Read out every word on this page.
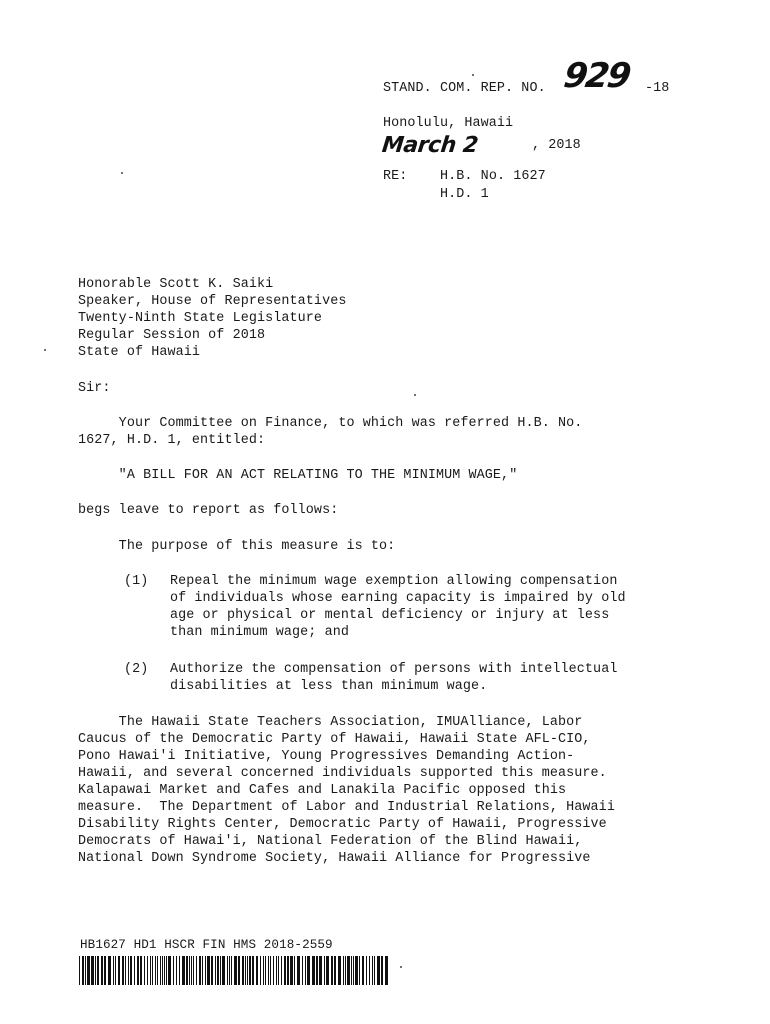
STAND. COM. REP. NO. 929 -18
Honolulu, Hawaii
March 2	, 2018
RE: H.B. No. 1627
H.D. 1
Honorable Scott K. Saiki
Speaker, House of Representatives
Twenty-Ninth State Legislature
Regular Session of 2018
State of Hawaii
Sir:
Your Committee on Finance, to which was referred H.B. No.
1627, H.D. 1, entitled:
"A BILL FOR AN ACT RELATING TO THE MINIMUM WAGE,"
begs leave to report as follows:
The purpose of this measure is to:
(1) Repeal the minimum wage exemption allowing compensation
of individuals whose earning capacity is impaired by old
age or physical or mental deficiency or injury at less
than minimum wage; and
(2) Authorize the compensation of persons with intellectual
disabilities at less than minimum wage.
The Hawaii State Teachers Association, IMUAlliance, Labor
Caucus of the Democratic Party of Hawaii, Hawaii State AFL-CIO,
Pono Hawai'i Initiative, Young Progressives Demanding Action-
Hawaii, and several concerned individuals supported this measure.
Kalapawai Market and Cafes and Lanakila Pacific opposed this
measure.  The Department of Labor and Industrial Relations, Hawaii
Disability Rights Center, Democratic Party of Hawaii, Progressive
Democrats of Hawai'i, National Federation of the Blind Hawaii,
National Down Syndrome Society, Hawaii Alliance for Progressive
HB1627 HD1 HSCR FIN HMS 2018-2559
